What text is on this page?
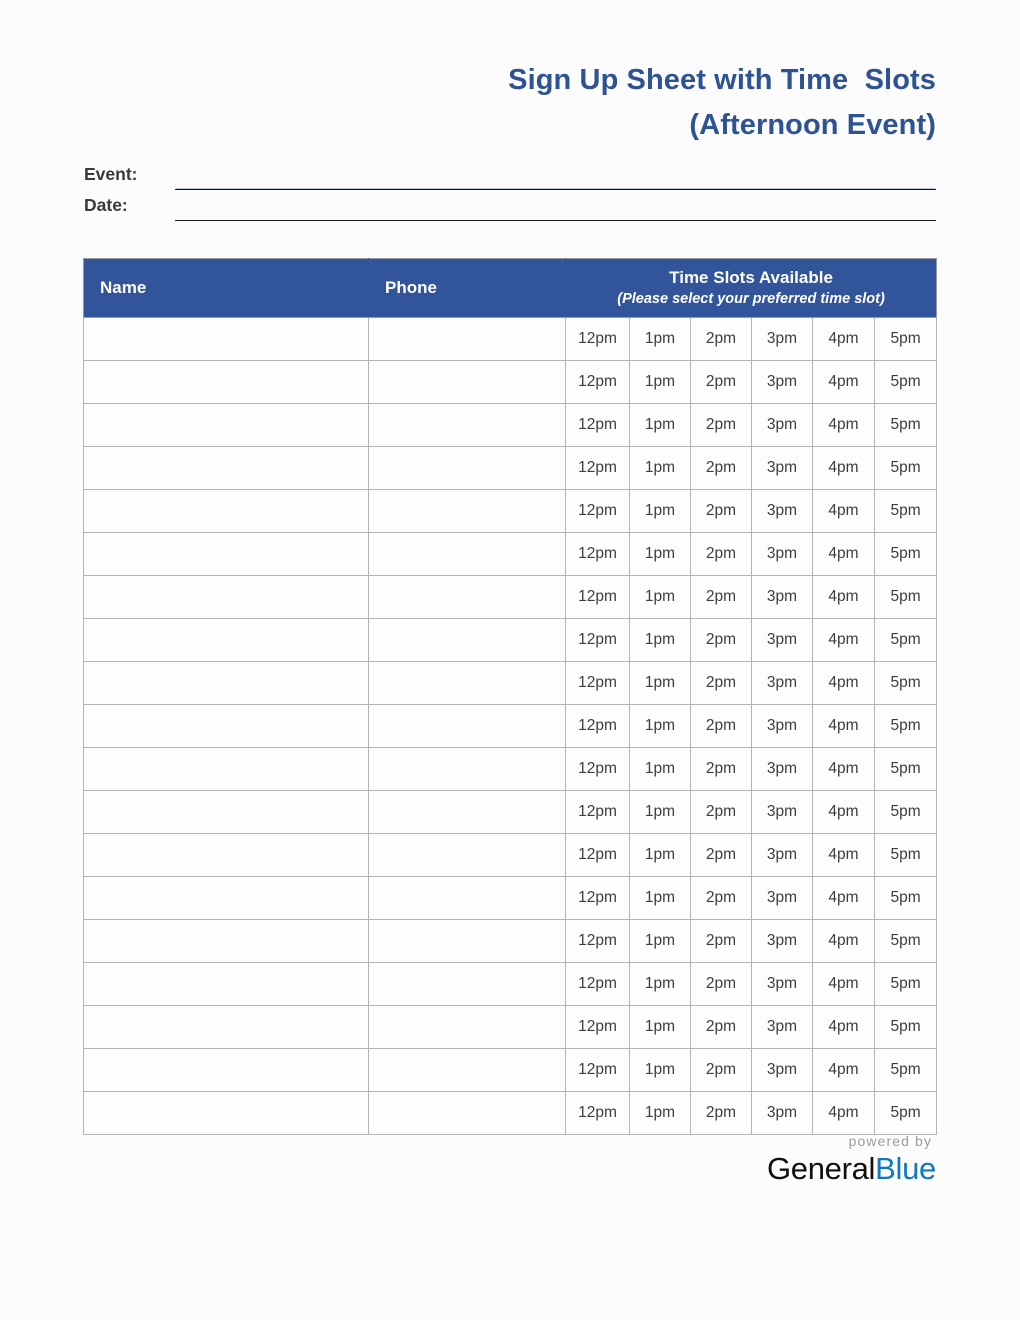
Sign Up Sheet with Time  Slots
(Afternoon Event)
Event:
Date:
Name	Phone	Time Slots Available
(Please select your preferred time slot)					

		12pm	1pm	2pm	3pm	4pm	5pm
		12pm	1pm	2pm	3pm	4pm	5pm
		12pm	1pm	2pm	3pm	4pm	5pm
		12pm	1pm	2pm	3pm	4pm	5pm
		12pm	1pm	2pm	3pm	4pm	5pm
		12pm	1pm	2pm	3pm	4pm	5pm
		12pm	1pm	2pm	3pm	4pm	5pm
		12pm	1pm	2pm	3pm	4pm	5pm
		12pm	1pm	2pm	3pm	4pm	5pm
		12pm	1pm	2pm	3pm	4pm	5pm
		12pm	1pm	2pm	3pm	4pm	5pm
		12pm	1pm	2pm	3pm	4pm	5pm
		12pm	1pm	2pm	3pm	4pm	5pm
		12pm	1pm	2pm	3pm	4pm	5pm
		12pm	1pm	2pm	3pm	4pm	5pm
		12pm	1pm	2pm	3pm	4pm	5pm
		12pm	1pm	2pm	3pm	4pm	5pm
		12pm	1pm	2pm	3pm	4pm	5pm
		12pm	1pm	2pm	3pm	4pm	5pm
powered by
GeneralBlue
